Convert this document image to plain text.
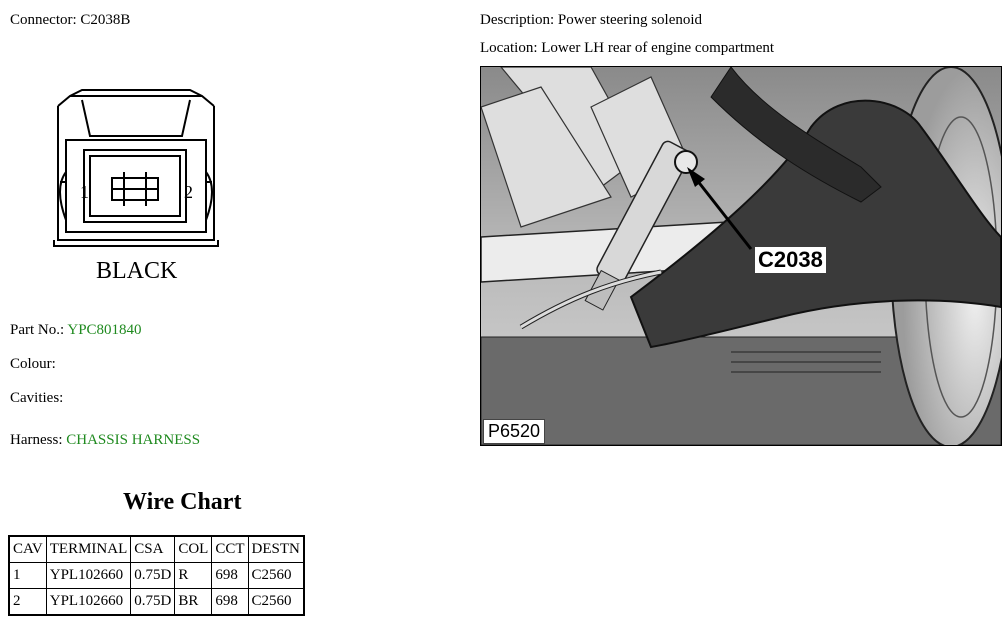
Connector: C2038B	Description: Power steering solenoid
Location: Lower LH rear of engine compartment
1	2
BLACK
Part No.: YPC801840
Colour:
Cavities:
Harness: CHASSIS HARNESS
Wire Chart
CAV	TERMINAL	CSA	COL	CCT	DESTN
1	YPL102660	0.75D	R	698	C2560
2	YPL102660	0.75D	BR	698	C2560
C2038
P6520
